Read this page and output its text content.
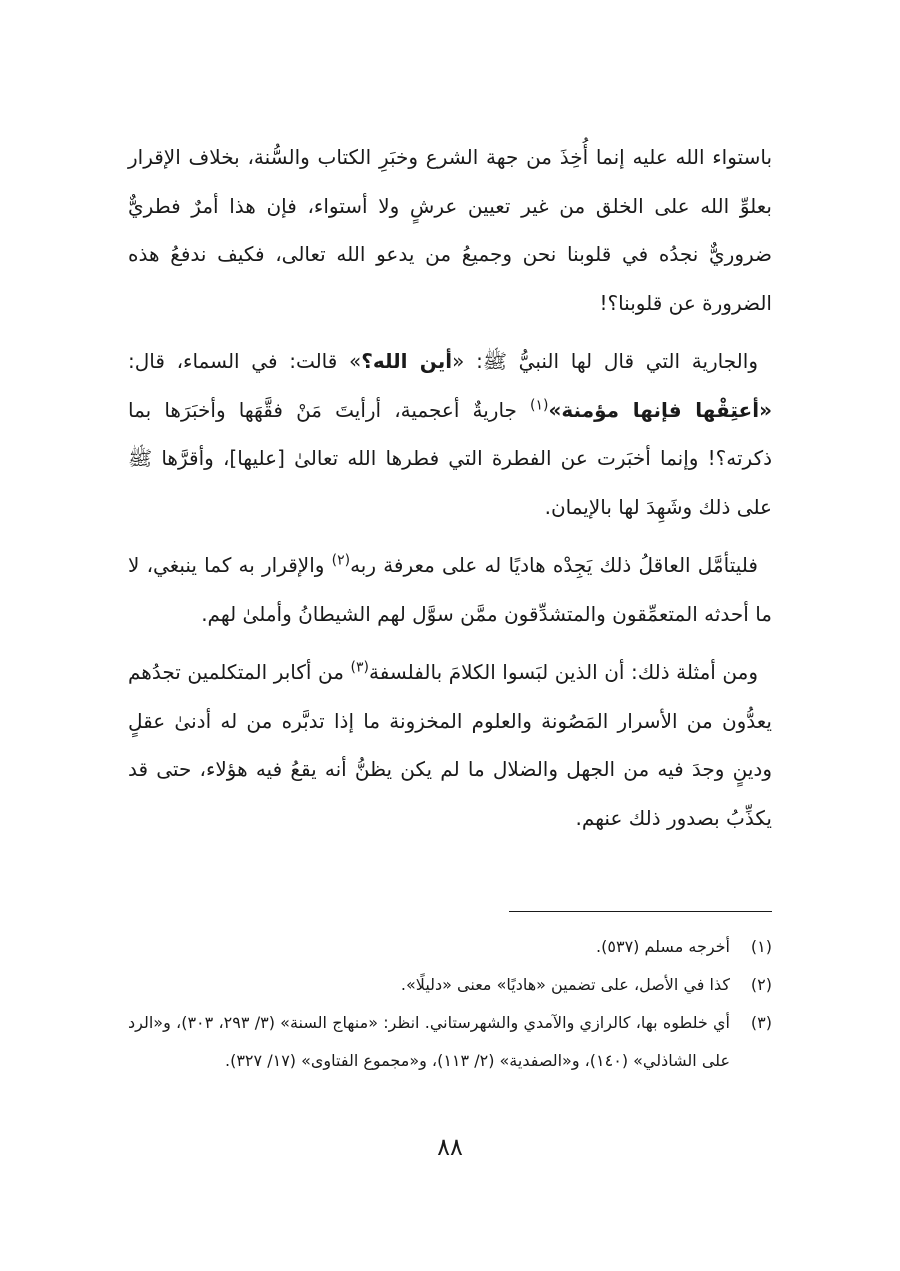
باستواء الله عليه إنما أُخِذَ من جهة الشرع وخبَرِ الكتاب والسُّنة، بخلاف الإقرار بعلوِّ الله على الخلق من غير تعيين عرشٍ ولا أستواء، فإن هذا أمرٌ فطريٌّ ضروريٌّ نجدُه في قلوبنا نحن وجميعُ من يدعو الله تعالى، فكيف ندفعُ هذه الضرورة عن قلوبنا؟!

والجارية التي قال لها النبيُّ ﷺ: «أين الله؟» قالت: في السماء، قال: «أعتِقْها فإنها مؤمنة»$^{(١)}$ جاريةٌ أعجمية، أرأيتَ مَنْ فقَّهَها وأخبَرَها بما ذكرته؟! وإنما أخبَرت عن الفطرة التي فطرها الله تعالىٰ [عليها]، وأقرَّها ﷺ على ذلك وشَهِدَ لها بالإيمان.

فليتأمَّل العاقلُ ذلك يَجِدْه هاديًا له على معرفة ربه$^{(٢)}$ والإقرار به كما ينبغي، لا ما أحدثه المتعمِّقون والمتشدِّقون ممَّن سوَّل لهم الشيطانُ وأملىٰ لهم.

ومن أمثلة ذلك: أن الذين لبَسوا الكلامَ بالفلسفة$^{(٣)}$ من أكابر المتكلمين تجدُهم يعدُّون من الأسرار المَصُونة والعلوم المخزونة ما إذا تدبَّره من له أدنىٰ عقلٍ ودينٍ وجدَ فيه من الجهل والضلال ما لم يكن يظنُّ أنه يقعُ فيه هؤلاء، حتى قد يكذِّبُ بصدور ذلك عنهم.

(١)
أخرجه مسلم (٥٣٧).
(٢)
كذا في الأصل، على تضمين «هاديًا» معنى «دليلًا».
(٣)
أي خلطوه بها، كالرازي والآمدي والشهرستاني. انظر: «منهاج السنة» (٣/ ٢٩٣، ٣٠٣)، و«الرد على الشاذلي» (١٤٠)، و«الصفدية» (٢/ ١١٣)، و«مجموع الفتاوى» (١٧/ ٣٢٧).
٨٨
